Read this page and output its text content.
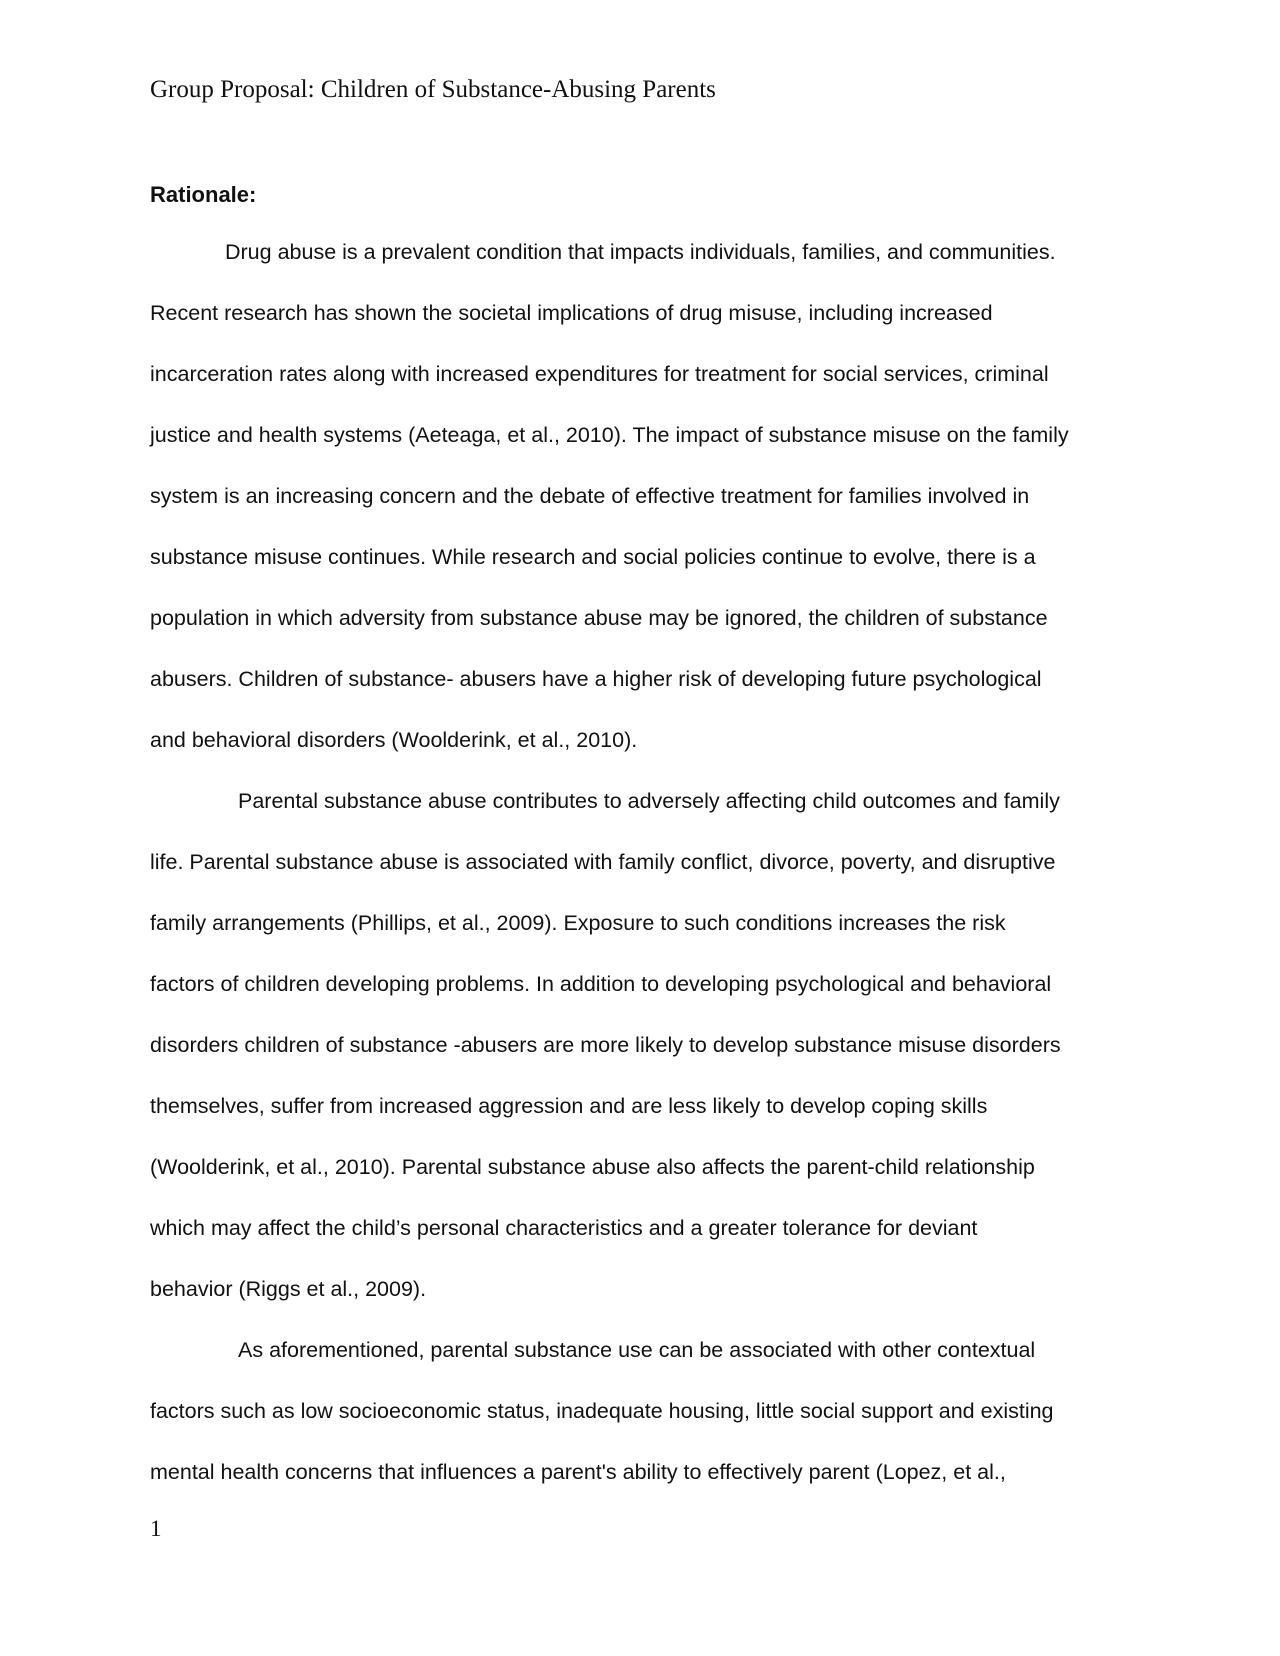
Group Proposal: Children of Substance-Abusing Parents
Rationale:

Drug abuse is a prevalent condition that impacts individuals, families, and communities.

Recent research has shown the societal implications of drug misuse, including increased

incarceration rates along with increased expenditures for treatment for social services, criminal

justice and health systems (Aeteaga, et al., 2010). The impact of substance misuse on the family

system is an increasing concern and the debate of effective treatment for families involved in

substance misuse continues. While research and social policies continue to evolve, there is a

population in which adversity from substance abuse may be ignored, the children of substance

abusers. Children of substance- abusers have a higher risk of developing future psychological

and behavioral disorders (Woolderink, et al., 2010).

Parental substance abuse contributes to adversely affecting child outcomes and family

life. Parental substance abuse is associated with family conflict, divorce, poverty, and disruptive

family arrangements (Phillips, et al., 2009). Exposure to such conditions increases the risk

factors of children developing problems. In addition to developing psychological and behavioral

disorders children of substance -abusers are more likely to develop substance misuse disorders

themselves, suffer from increased aggression and are less likely to develop coping skills

(Woolderink, et al., 2010). Parental substance abuse also affects the parent-child relationship

which may affect the child’s personal characteristics and a greater tolerance for deviant

behavior (Riggs et al., 2009).

As aforementioned, parental substance use can be associated with other contextual

factors such as low socioeconomic status, inadequate housing, little social support and existing

mental health concerns that influences a parent's ability to effectively parent (Lopez, et al.,

1
